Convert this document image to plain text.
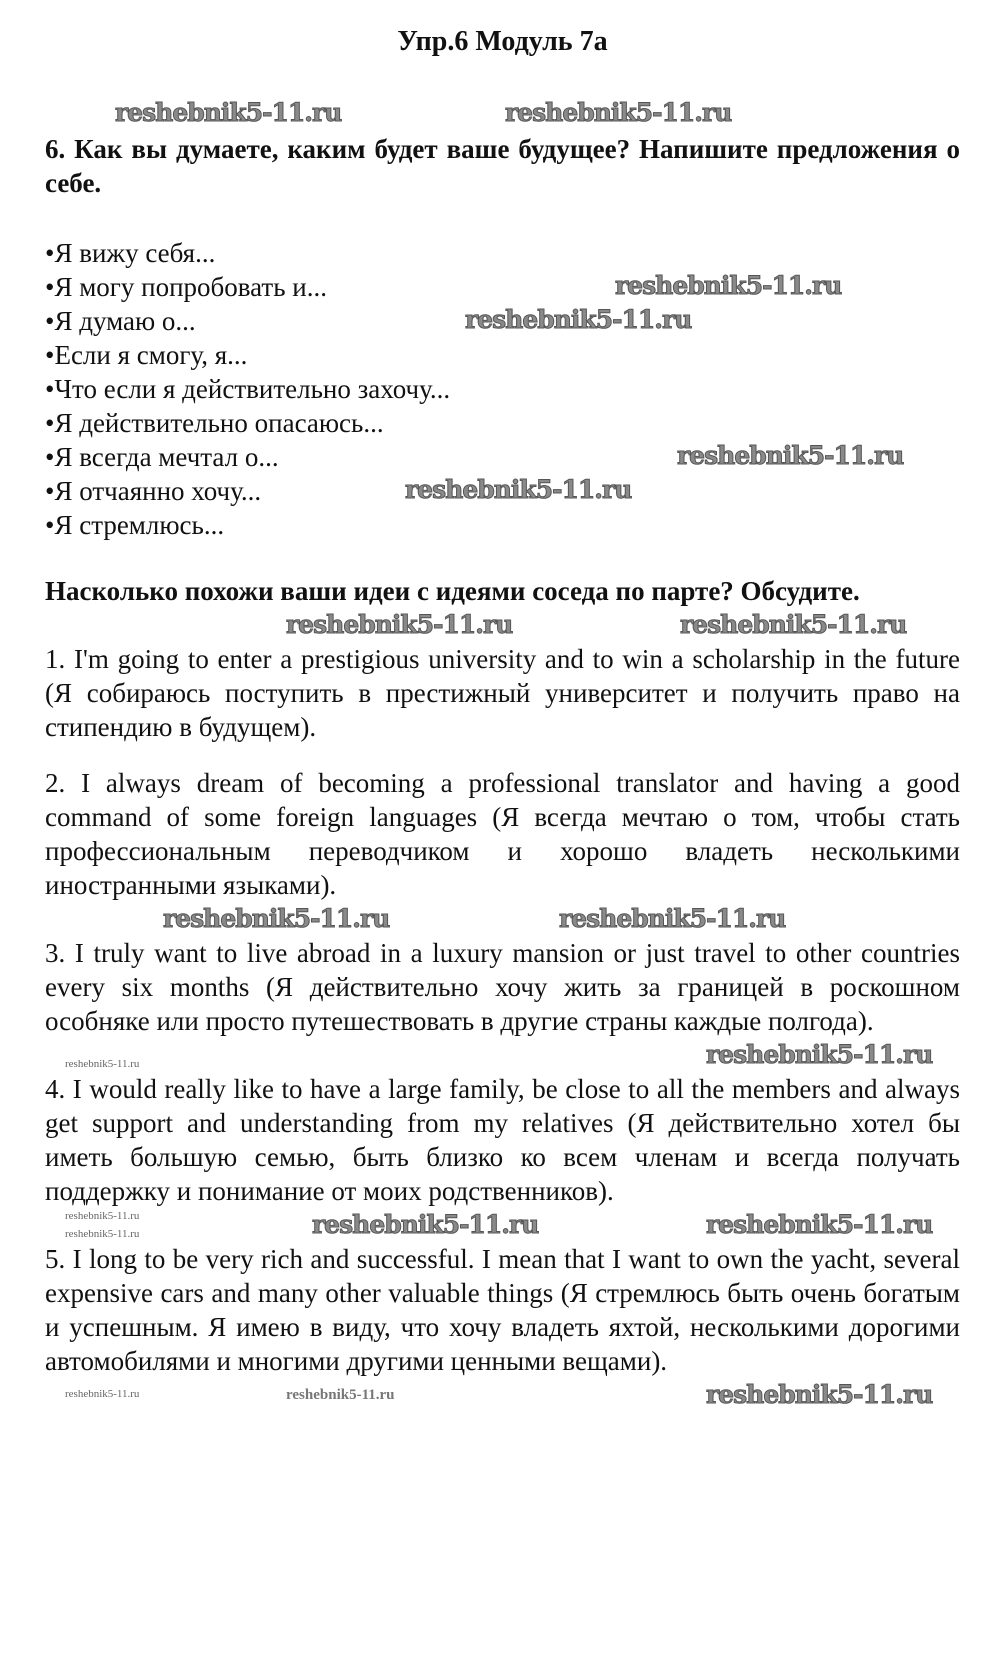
Упр.6 Модуль 7а
reshebnik5-11.ru	reshebnik5-11.ru
6. Как вы думаете, каким будет ваше будущее? Напишите предложения о себе.
• Я вижу себя...
• Я могу попробовать и...	reshebnik5-11.ru
• Я думаю о...	reshebnik5-11.ru
• Если я смогу, я...
• Что если я действительно захочу...
• Я действительно опасаюсь...
• Я всегда мечтал о...	reshebnik5-11.ru
• Я отчаянно хочу...	reshebnik5-11.ru
• Я стремлюсь...
Насколько похожи ваши идеи с идеями соседа по парте? Обсудите.
reshebnik5-11.ru	reshebnik5-11.ru

1. I'm going to enter a prestigious university and to win a scholarship in the future (Я собираюсь поступить в престижный университет и получить право на стипендию в будущем).

2. I always dream of becoming a professional translator and having a good command of some foreign languages (Я всегда мечтаю о том, чтобы стать профессиональным переводчиком и хорошо владеть несколькими иностранными языками).

reshebnik5-11.ru	reshebnik5-11.ru

3. I truly want to live abroad in a luxury mansion or just travel to other countries every six months (Я действительно хочу жить за границей в роскошном особняке или просто путешествовать в другие страны каждые полгода).

reshebnik5-11.ru	reshebnik5-11.ru

4. I would really like to have a large family, be close to all the members and always get support and understanding from my relatives (Я действительно хотел бы иметь большую семью, быть близко ко всем членам и всегда получать поддержку и понимание от моих родственников).

reshebnik5-11.ru	reshebnik5-11.ru	reshebnik5-11.ru
reshebnik5-11.ru

5. I long to be very rich and successful. I mean that I want to own the yacht, several expensive cars and many other valuable things (Я стремлюсь быть очень богатым и успешным. Я имею в виду, что хочу владеть яхтой, несколькими дорогими автомобилями и многими другими ценными вещами).

reshebnik5-11.ru	reshebnik5-11.ru	reshebnik5-11.ru
